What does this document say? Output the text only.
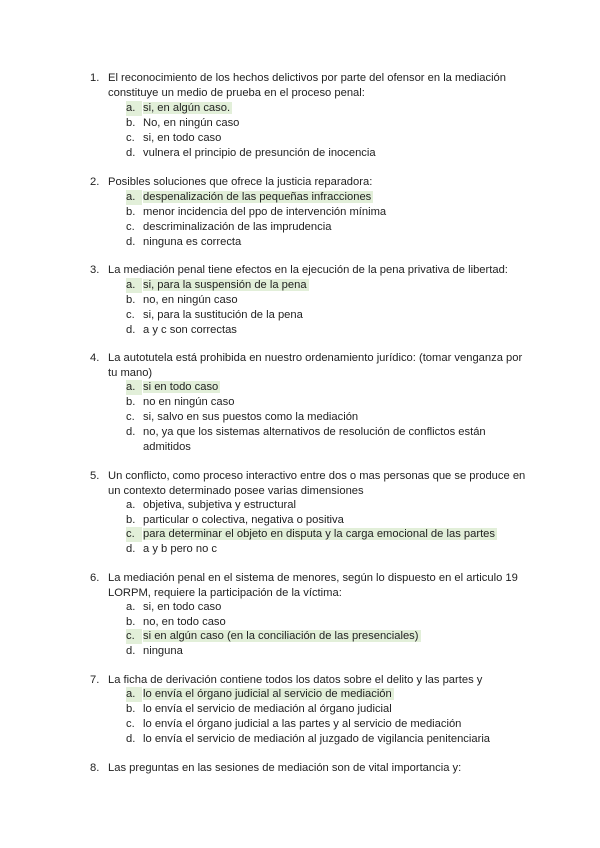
1. El reconocimiento de los hechos delictivos por parte del ofensor en la mediación constituye un medio de prueba en el proceso penal:
a. si, en algún caso.
b. No, en ningún caso
c. si, en todo caso
d. vulnera el principio de presunción de inocencia
2. Posibles soluciones que ofrece la justicia reparadora:
a. despenalización de las pequeñas infracciones
b. menor incidencia del ppo de intervención mínima
c. descriminalización de las imprudencia
d. ninguna es correcta
3. La mediación penal tiene efectos en la ejecución de la pena privativa de libertad:
a. si, para la suspensión de la pena
b. no, en ningún caso
c. si, para la sustitución de la pena
d. a y c son correctas
4. La autotutela está prohibida en nuestro ordenamiento jurídico: (tomar venganza por tu mano)
a. si en todo caso
b. no en ningún caso
c. si, salvo en sus puestos como la mediación
d. no, ya que los sistemas alternativos de resolución de conflictos están admitidos
5. Un conflicto, como proceso interactivo entre dos o mas personas que se produce en un contexto determinado posee varias dimensiones
a. objetiva, subjetiva y estructural
b. particular o colectiva, negativa o positiva
c. para determinar el objeto en disputa y la carga emocional de las partes
d. a y b pero no c
6. La mediación penal en el sistema de menores, según lo dispuesto en el articulo 19 LORPM, requiere la participación de la víctima:
a. si, en todo caso
b. no, en todo caso
c. si en algún caso (en la conciliación de las presenciales)
d. ninguna
7. La ficha de derivación contiene todos los datos sobre el delito y las partes y
a. lo envía el órgano judicial al servicio de mediación
b. lo envía el servicio de mediación al órgano judicial
c. lo envía el órgano judicial a las partes y al servicio de mediación
d. lo envía el servicio de mediación al juzgado de vigilancia penitenciaria
8. Las preguntas en las sesiones de mediación son de vital importancia y:
